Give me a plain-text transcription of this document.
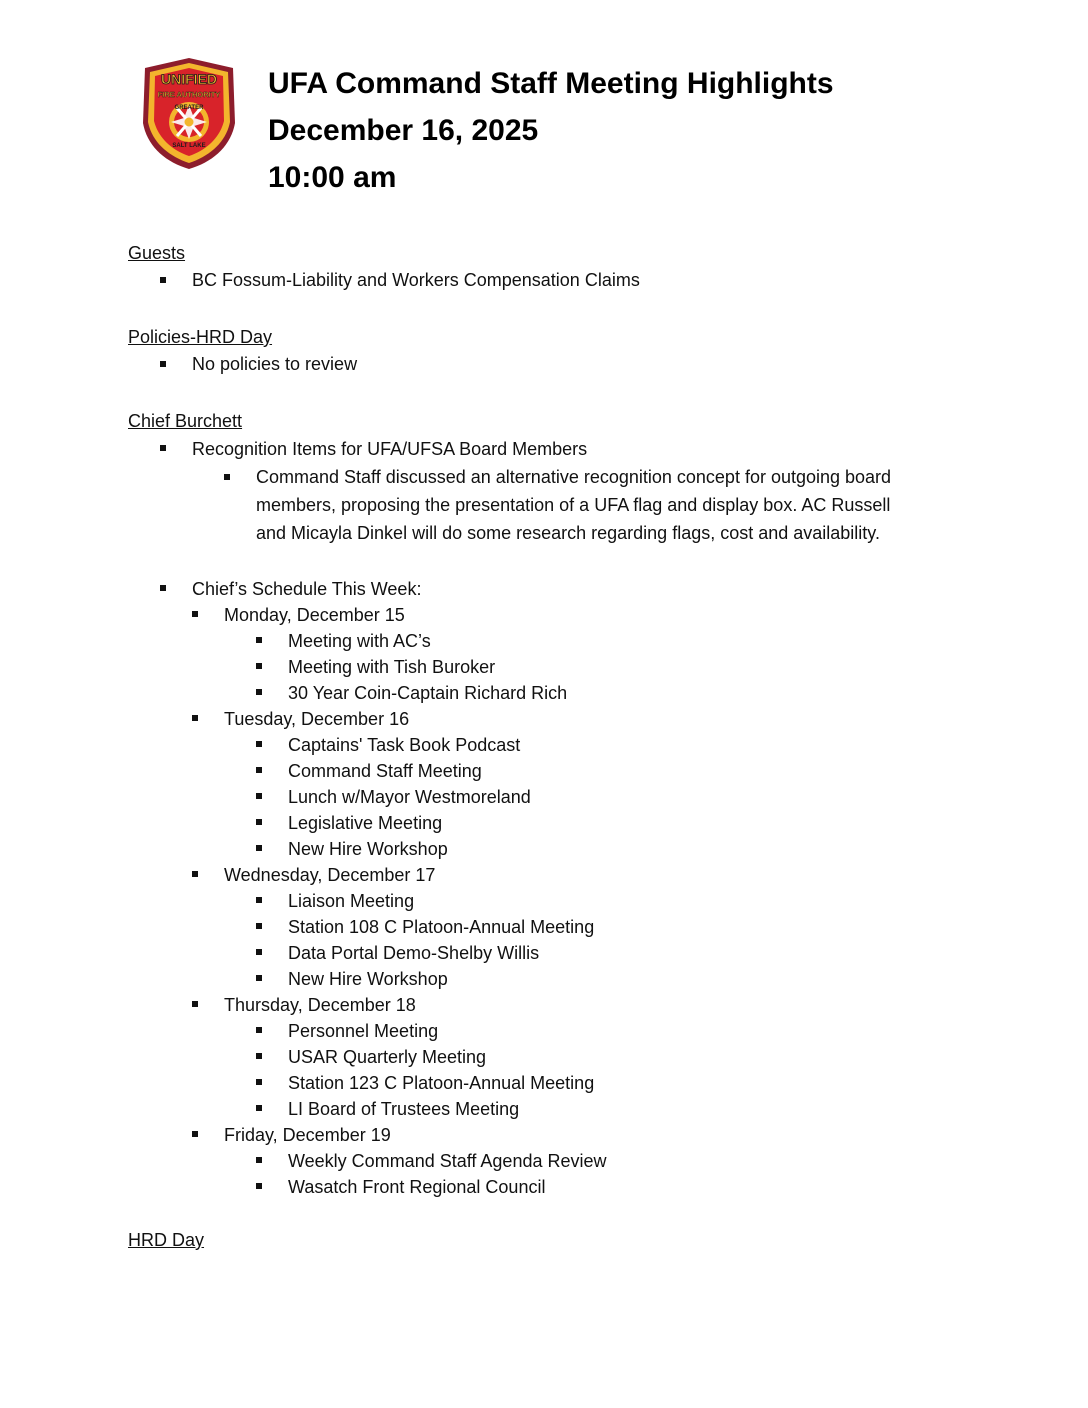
UNIFIED
FIRE AUTHORITY
GREATER
SALT LAKE
UFA Command Staff Meeting Highlights
December 16, 2025
10:00 am
Guests
BC Fossum-Liability and Workers Compensation Claims
Policies-HRD Day
No policies to review
Chief Burchett
Recognition Items for UFA/UFSA Board Members
Command Staff discussed an alternative recognition concept for outgoing board
members, proposing the presentation of a UFA flag and display box. AC Russell
and Micayla Dinkel will do some research regarding flags, cost and availability.
Chief’s Schedule This Week:
Monday, December 15
Meeting with AC’s
Meeting with Tish Buroker
30 Year Coin-Captain Richard Rich
Tuesday, December 16
Captains' Task Book Podcast
Command Staff Meeting
Lunch w/Mayor Westmoreland
Legislative Meeting
New Hire Workshop
Wednesday, December 17
Liaison Meeting
Station 108 C Platoon-Annual Meeting
Data Portal Demo-Shelby Willis
New Hire Workshop
Thursday, December 18
Personnel Meeting
USAR Quarterly Meeting
Station 123 C Platoon-Annual Meeting
LI Board of Trustees Meeting
Friday, December 19
Weekly Command Staff Agenda Review
Wasatch Front Regional Council
HRD Day
